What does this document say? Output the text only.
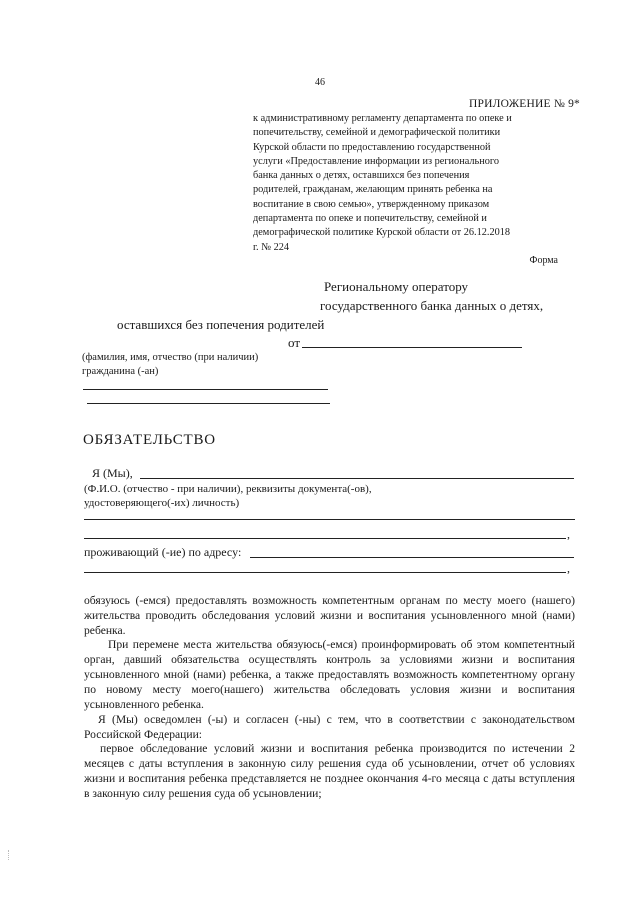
46
ПРИЛОЖЕНИЕ № 9*
к административному регламенту департамента по опеке и
попечительству, семейной и демографической политики
Курской области по предоставлению государственной
услуги «Предоставление информации из регионального
банка данных о детях, оставшихся без попечения
родителей, гражданам, желающим принять ребенка на
воспитание в свою семью», утвержденному приказом
департамента по опеке и попечительству, семейной и
демографической политике Курской области от 26.12.2018
г. № 224
Форма
Региональному оператору
государственного банка данных о детях,
оставшихся без попечения родителей
от
(фамилия, имя, отчество (при наличии)
гражданина (-ан)
ОБЯЗАТЕЛЬСТВО
Я (Мы),
(Ф.И.О. (отчество - при наличии), реквизиты документа(-ов),
удостоверяющего(-их) личность)
,
проживающий (-ие) по адресу:
,
обязуюсь (-емся) предоставлять возможность компетентным органам по месту моего (нашего) жительства проводить обследования условий жизни и воспитания усыновленного мной (нами) ребенка.
При перемене места жительства обязуюсь(-емся) проинформировать об этом компетентный орган, давший обязательства осуществлять контроль за условиями жизни и воспитания усыновленного мной (нами) ребенка, а также предоставлять возможность компетентному органу по новому месту моего(нашего) жительства обследовать условия жизни и воспитания усыновленного ребенка.
Я (Мы) осведомлен (-ы) и согласен (-ны) с тем, что в соответствии с законодательством Российской Федерации:
первое обследование условий жизни и воспитания ребенка производится по истечении 2 месяцев с даты вступления в законную силу решения суда об усыновлении, отчет об условиях жизни и воспитания ребенка представляется не позднее окончания 4-го месяца с даты вступления в законную силу решения суда об усыновлении;
